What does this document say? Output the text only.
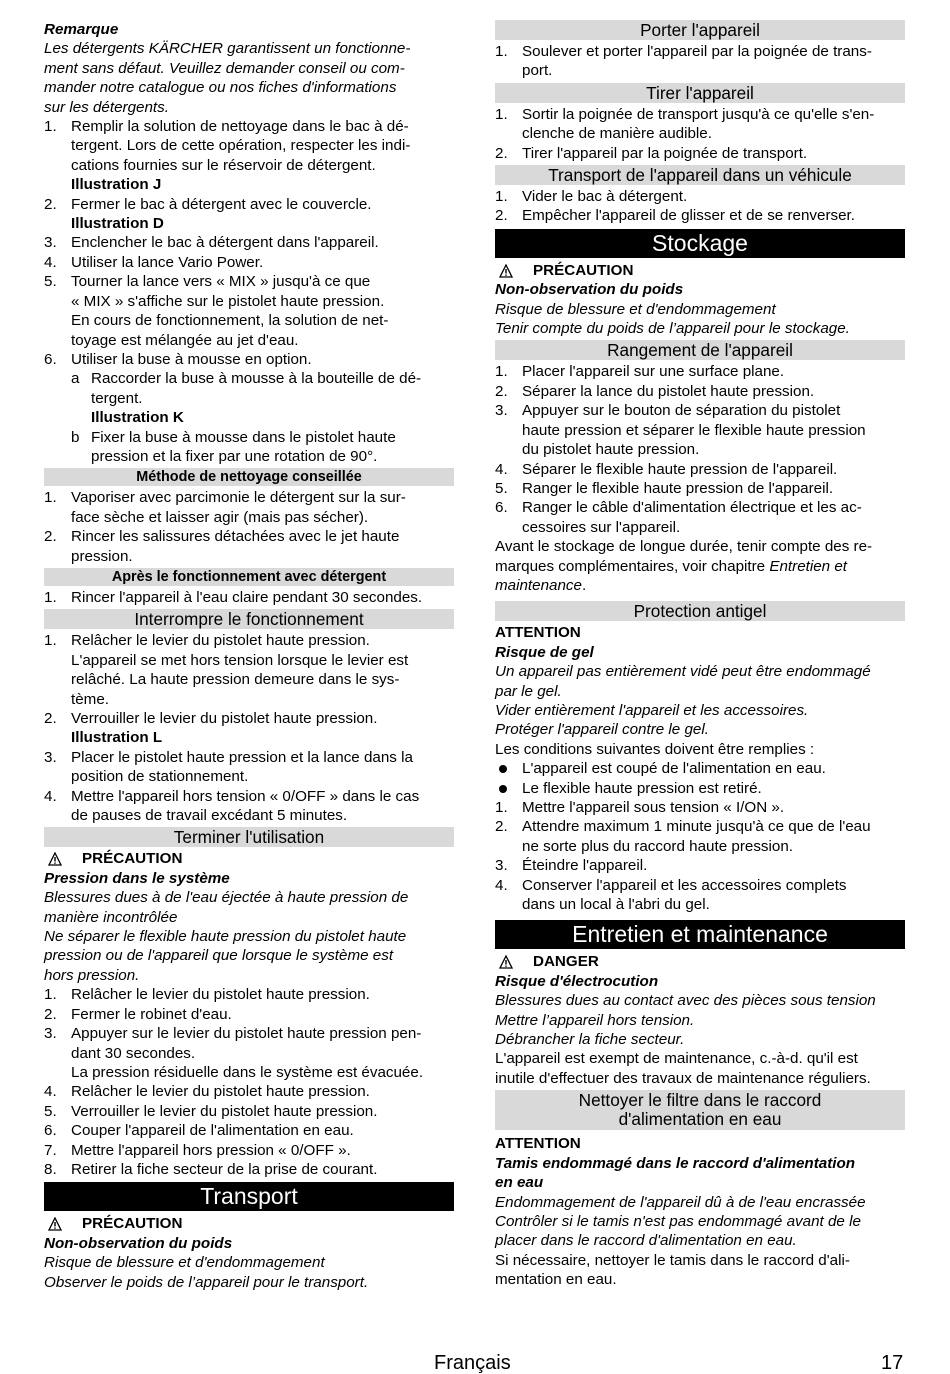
Remarque

Les détergents KÄRCHER garantissent un fonctionne-
ment sans défaut. Veuillez demander conseil ou com-
mander notre catalogue ou nos fiches d'informations
sur les détergents.
1. Remplir la solution de nettoyage dans le bac à dé-
tergent. Lors de cette opération, respecter les indi-
cations fournies sur le réservoir de détergent.
Illustration J
2. Fermer le bac à détergent avec le couvercle.
Illustration D
3. Enclencher le bac à détergent dans l'appareil.
4. Utiliser la lance Vario Power.
5. Tourner la lance vers « MIX » jusqu'à ce que
« MIX » s'affiche sur le pistolet haute pression.
En cours de fonctionnement, la solution de net-
toyage est mélangée au jet d'eau.
6. Utiliser la buse à mousse en option.
a Raccorder la buse à mousse à la bouteille de dé-
tergent.
Illustration K
b Fixer la buse à mousse dans le pistolet haute
pression et la fixer par une rotation de 90°.
Méthode de nettoyage conseillée
1. Vaporiser avec parcimonie le détergent sur la sur-
face sèche et laisser agir (mais pas sécher).
2. Rincer les salissures détachées avec le jet haute
pression.
Après le fonctionnement avec détergent
1. Rincer l'appareil à l'eau claire pendant 30 secondes.
Interrompre le fonctionnement
1. Relâcher le levier du pistolet haute pression.
L'appareil se met hors tension lorsque le levier est
relâché. La haute pression demeure dans le sys-
tème.
2. Verrouiller le levier du pistolet haute pression.
Illustration L
3. Placer le pistolet haute pression et la lance dans la
position de stationnement.
4. Mettre l'appareil hors tension « 0/OFF » dans le cas
de pauses de travail excédant 5 minutes.
Terminer l'utilisation
PRÉCAUTION

Pression dans le système

Blessures dues à de l'eau éjectée à haute pression de
manière incontrôlée
Ne séparer le flexible haute pression du pistolet haute
pression ou de l'appareil que lorsque le système est
hors pression.
1. Relâcher le levier du pistolet haute pression.
2. Fermer le robinet d'eau.
3. Appuyer sur le levier du pistolet haute pression pen-
dant 30 secondes.
La pression résiduelle dans le système est évacuée.
4. Relâcher le levier du pistolet haute pression.
5. Verrouiller le levier du pistolet haute pression.
6. Couper l'appareil de l'alimentation en eau.
7. Mettre l'appareil hors pression « 0/OFF ».
8. Retirer la fiche secteur de la prise de courant.
Transport
PRÉCAUTION

Non-observation du poids

Risque de blessure et d'endommagement
Observer le poids de l’appareil pour le transport.
Porter l'appareil
1. Soulever et porter l'appareil par la poignée de trans-
port.
Tirer l'appareil
1. Sortir la poignée de transport jusqu'à ce qu'elle s'en-
clenche de manière audible.
2. Tirer l'appareil par la poignée de transport.
Transport de l'appareil dans un véhicule
1. Vider le bac à détergent.
2. Empêcher l'appareil de glisser et de se renverser.
Stockage
PRÉCAUTION

Non-observation du poids

Risque de blessure et d'endommagement
Tenir compte du poids de l’appareil pour le stockage.
Rangement de l'appareil
1. Placer l'appareil sur une surface plane.
2. Séparer la lance du pistolet haute pression.
3. Appuyer sur le bouton de séparation du pistolet
haute pression et séparer le flexible haute pression
du pistolet haute pression.
4. Séparer le flexible haute pression de l'appareil.
5. Ranger le flexible haute pression de l'appareil.
6. Ranger le câble d'alimentation électrique et les ac-
cessoires sur l'appareil.

Avant le stockage de longue durée, tenir compte des re-
marques complémentaires, voir chapitre Entretien et
maintenance.

Protection antigel

ATTENTION

Risque de gel

Un appareil pas entièrement vidé peut être endommagé
par le gel.
Vider entièrement l'appareil et les accessoires.
Protéger l'appareil contre le gel.

Les conditions suivantes doivent être remplies :

L'appareil est coupé de l'alimentation en eau.
Le flexible haute pression est retiré.
1. Mettre l'appareil sous tension « I/ON ».
2. Attendre maximum 1 minute jusqu'à ce que de l'eau
ne sorte plus du raccord haute pression.
3. Éteindre l'appareil.
4. Conserver l'appareil et les accessoires complets
dans un local à l'abri du gel.
Entretien et maintenance
DANGER

Risque d'électrocution

Blessures dues au contact avec des pièces sous tension
Mettre l’appareil hors tension.
Débrancher la fiche secteur.
L'appareil est exempt de maintenance, c.-à-d. qu'il est
inutile d'effectuer des travaux de maintenance réguliers.
Nettoyer le filtre dans le raccord
d'alimentation en eau

ATTENTION

Tamis endommagé dans le raccord d'alimentation
en eau
Endommagement de l'appareil dû à de l'eau encrassée
Contrôler si le tamis n'est pas endommagé avant de le
placer dans le raccord d'alimentation en eau.
Si nécessaire, nettoyer le tamis dans le raccord d'ali-
mentation en eau.
Français	17
